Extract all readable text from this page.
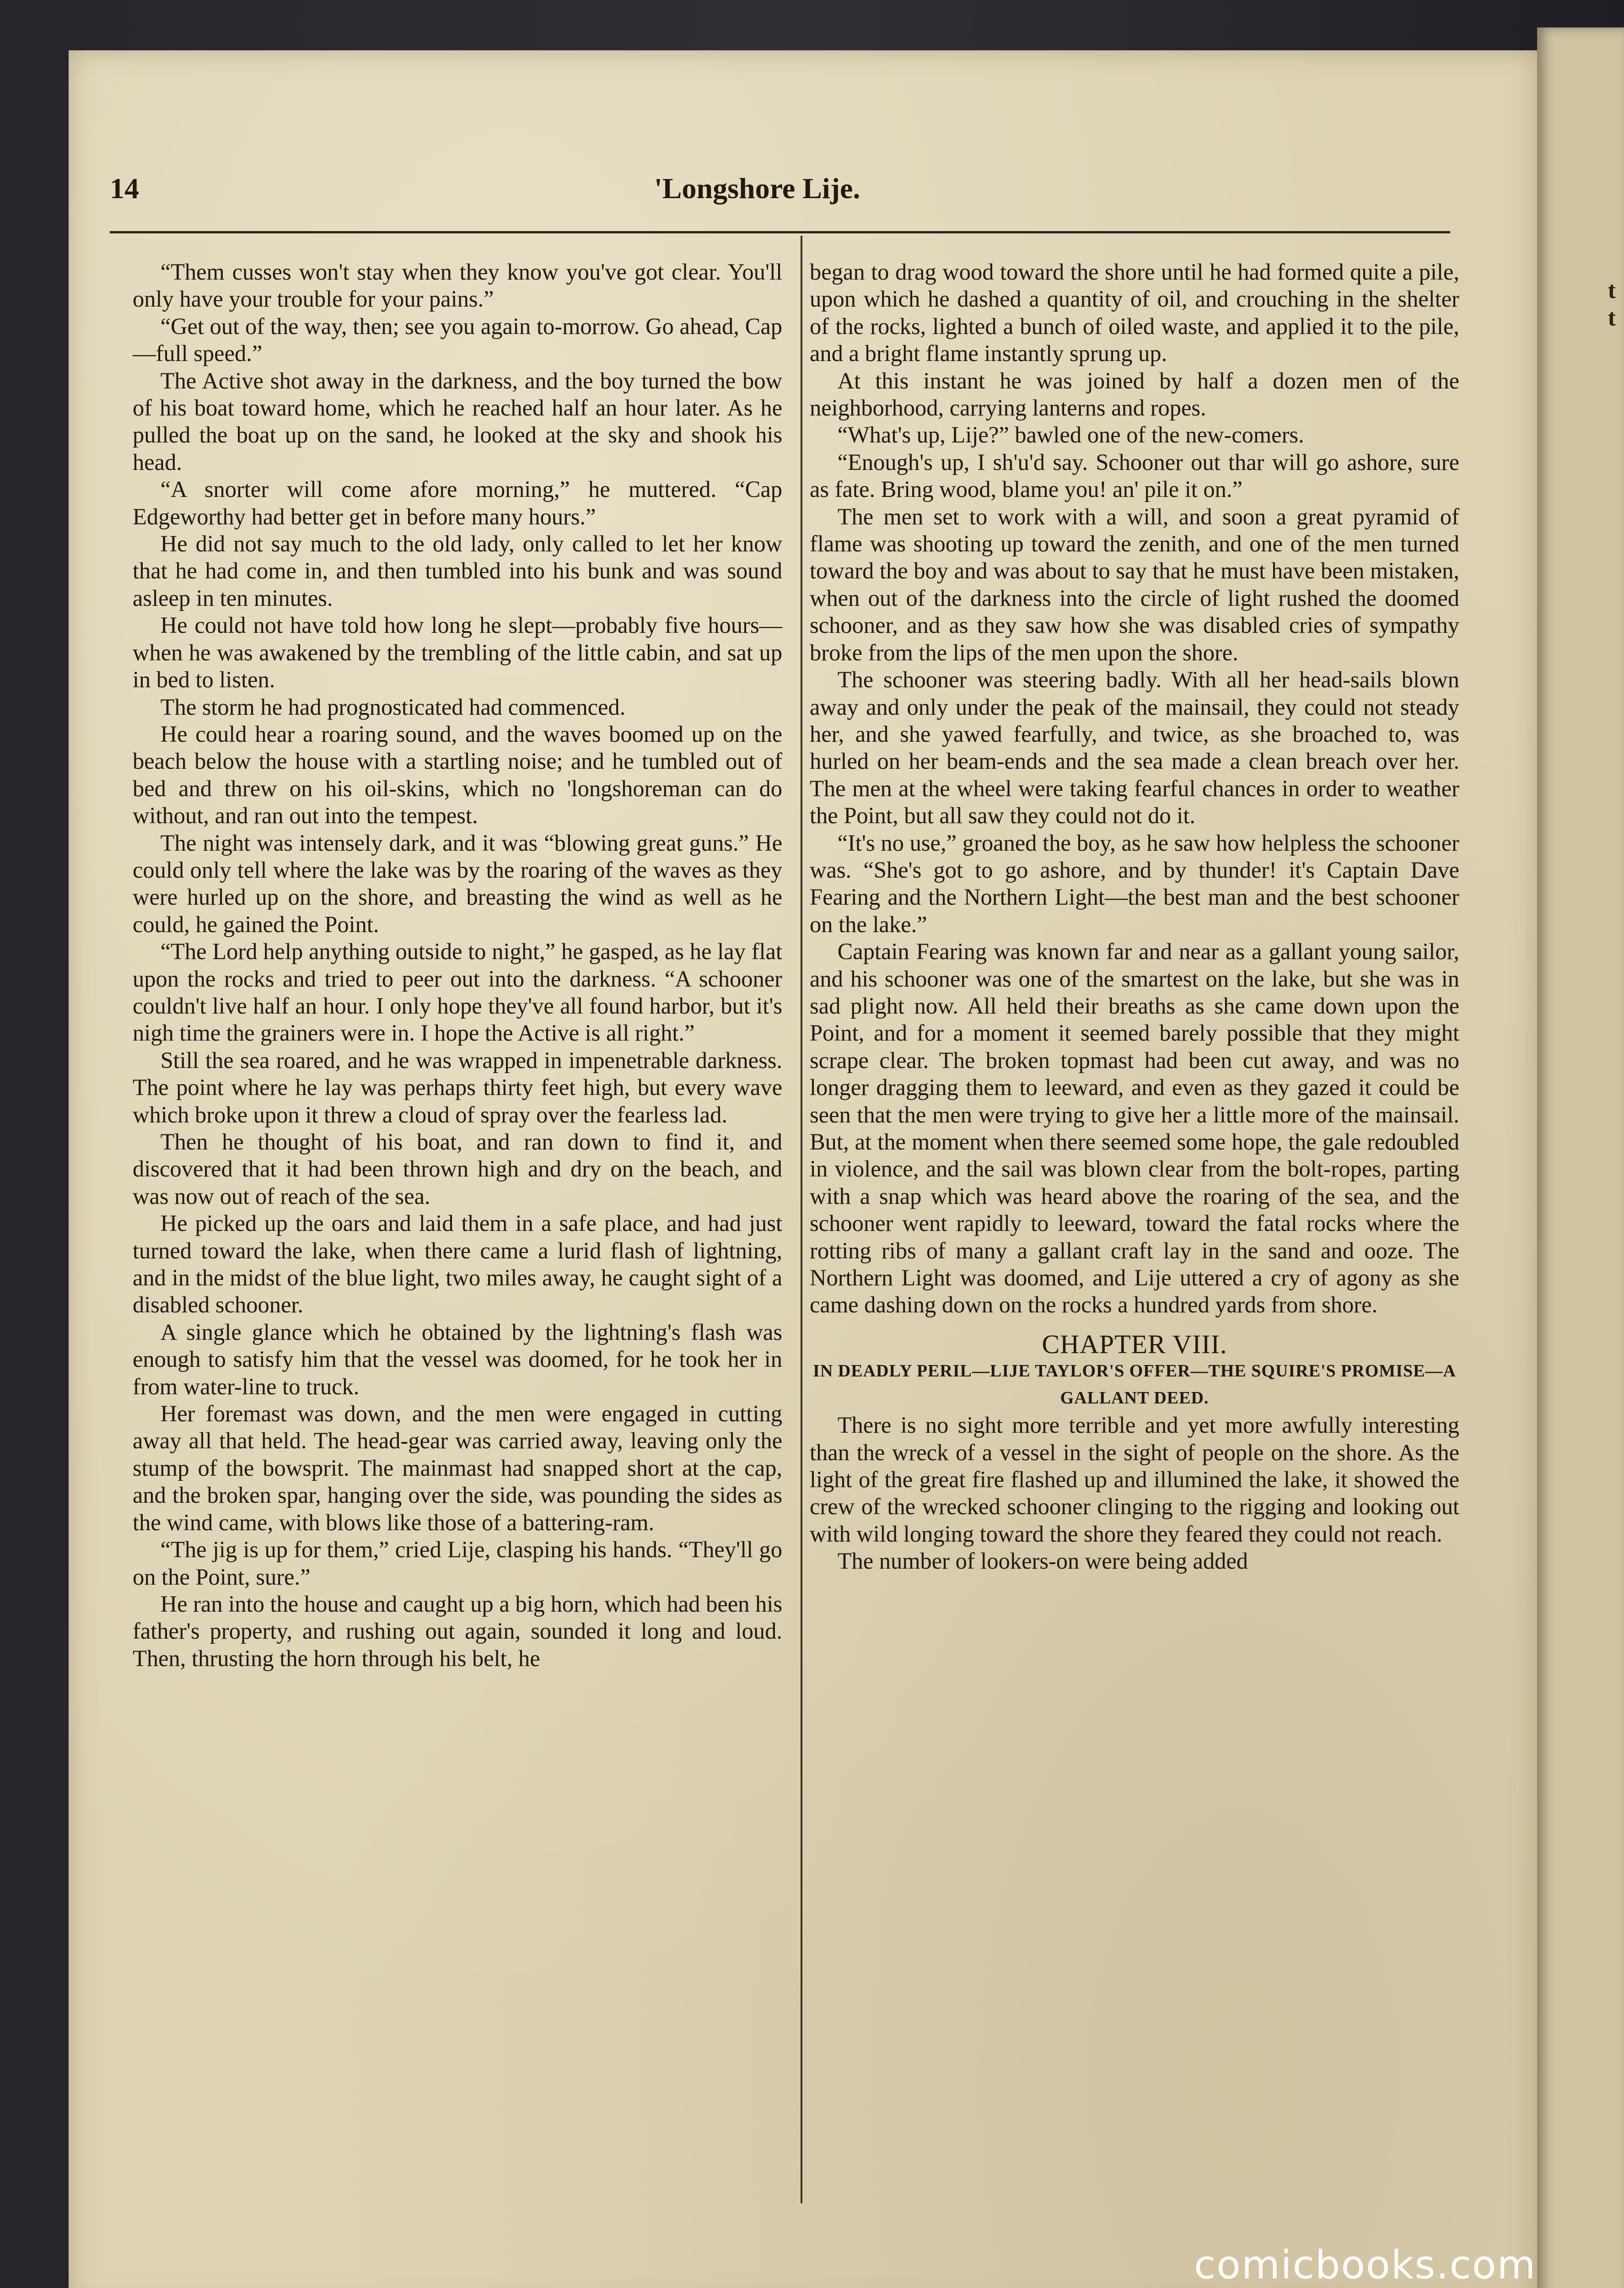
t
t
14	'Longshore Lije.

“Them cusses won't stay when they know you've got clear. You'll only have your trouble for your pains.”

“Get out of the way, then; see you again to-morrow. Go ahead, Cap—full speed.”

The Active shot away in the darkness, and the boy turned the bow of his boat toward home, which he reached half an hour later. As he pulled the boat up on the sand, he looked at the sky and shook his head.

“A snorter will come afore morning,” he muttered. “Cap Edgeworthy had better get in before many hours.”

He did not say much to the old lady, only called to let her know that he had come in, and then tumbled into his bunk and was sound asleep in ten minutes.

He could not have told how long he slept—probably five hours—when he was awakened by the trembling of the little cabin, and sat up in bed to listen.

The storm he had prognosticated had commenced.

He could hear a roaring sound, and the waves boomed up on the beach below the house with a startling noise; and he tumbled out of bed and threw on his oil-skins, which no 'longshoreman can do without, and ran out into the tempest.

The night was intensely dark, and it was “blowing great guns.” He could only tell where the lake was by the roaring of the waves as they were hurled up on the shore, and breasting the wind as well as he could, he gained the Point.

“The Lord help anything outside to night,” he gasped, as he lay flat upon the rocks and tried to peer out into the darkness. “A schooner couldn't live half an hour. I only hope they've all found harbor, but it's nigh time the grainers were in. I hope the Active is all right.”

Still the sea roared, and he was wrapped in impenetrable darkness. The point where he lay was perhaps thirty feet high, but every wave which broke upon it threw a cloud of spray over the fearless lad.

Then he thought of his boat, and ran down to find it, and discovered that it had been thrown high and dry on the beach, and was now out of reach of the sea.

He picked up the oars and laid them in a safe place, and had just turned toward the lake, when there came a lurid flash of lightning, and in the midst of the blue light, two miles away, he caught sight of a disabled schooner.

A single glance which he obtained by the lightning's flash was enough to satisfy him that the vessel was doomed, for he took her in from water-line to truck.

Her foremast was down, and the men were engaged in cutting away all that held. The head-gear was carried away, leaving only the stump of the bowsprit. The mainmast had snapped short at the cap, and the broken spar, hanging over the side, was pounding the sides as the wind came, with blows like those of a battering-ram.

“The jig is up for them,” cried Lije, clasping his hands. “They'll go on the Point, sure.”

He ran into the house and caught up a big horn, which had been his father's property, and rushing out again, sounded it long and loud. Then, thrusting the horn through his belt, he

began to drag wood toward the shore until he had formed quite a pile, upon which he dashed a quantity of oil, and crouching in the shelter of the rocks, lighted a bunch of oiled waste, and applied it to the pile, and a bright flame instantly sprung up.

At this instant he was joined by half a dozen men of the neighborhood, carrying lanterns and ropes.

“What's up, Lije?” bawled one of the new-comers.

“Enough's up, I sh'u'd say. Schooner out thar will go ashore, sure as fate. Bring wood, blame you! an' pile it on.”

The men set to work with a will, and soon a great pyramid of flame was shooting up toward the zenith, and one of the men turned toward the boy and was about to say that he must have been mistaken, when out of the darkness into the circle of light rushed the doomed schooner, and as they saw how she was disabled cries of sympathy broke from the lips of the men upon the shore.

The schooner was steering badly. With all her head-sails blown away and only under the peak of the mainsail, they could not steady her, and she yawed fearfully, and twice, as she broached to, was hurled on her beam-ends and the sea made a clean breach over her. The men at the wheel were taking fearful chances in order to weather the Point, but all saw they could not do it.

“It's no use,” groaned the boy, as he saw how helpless the schooner was. “She's got to go ashore, and by thunder! it's Captain Dave Fearing and the Northern Light—the best man and the best schooner on the lake.”

Captain Fearing was known far and near as a gallant young sailor, and his schooner was one of the smartest on the lake, but she was in sad plight now. All held their breaths as she came down upon the Point, and for a moment it seemed barely possible that they might scrape clear. The broken topmast had been cut away, and was no longer dragging them to leeward, and even as they gazed it could be seen that the men were trying to give her a little more of the mainsail. But, at the moment when there seemed some hope, the gale redoubled in violence, and the sail was blown clear from the bolt-ropes, parting with a snap which was heard above the roaring of the sea, and the schooner went rapidly to leeward, toward the fatal rocks where the rotting ribs of many a gallant craft lay in the sand and ooze. The Northern Light was doomed, and Lije uttered a cry of agony as she came dashing down on the rocks a hundred yards from shore.

CHAPTER VIII.
IN DEADLY PERIL—LIJE TAYLOR'S OFFER—THE SQUIRE'S PROMISE—A GALLANT DEED.

There is no sight more terrible and yet more awfully interesting than the wreck of a vessel in the sight of people on the shore. As the light of the great fire flashed up and illumined the lake, it showed the crew of the wrecked schooner clinging to the rigging and looking out with wild longing toward the shore they feared they could not reach.

The number of lookers-on were being added

comicbooks.com
